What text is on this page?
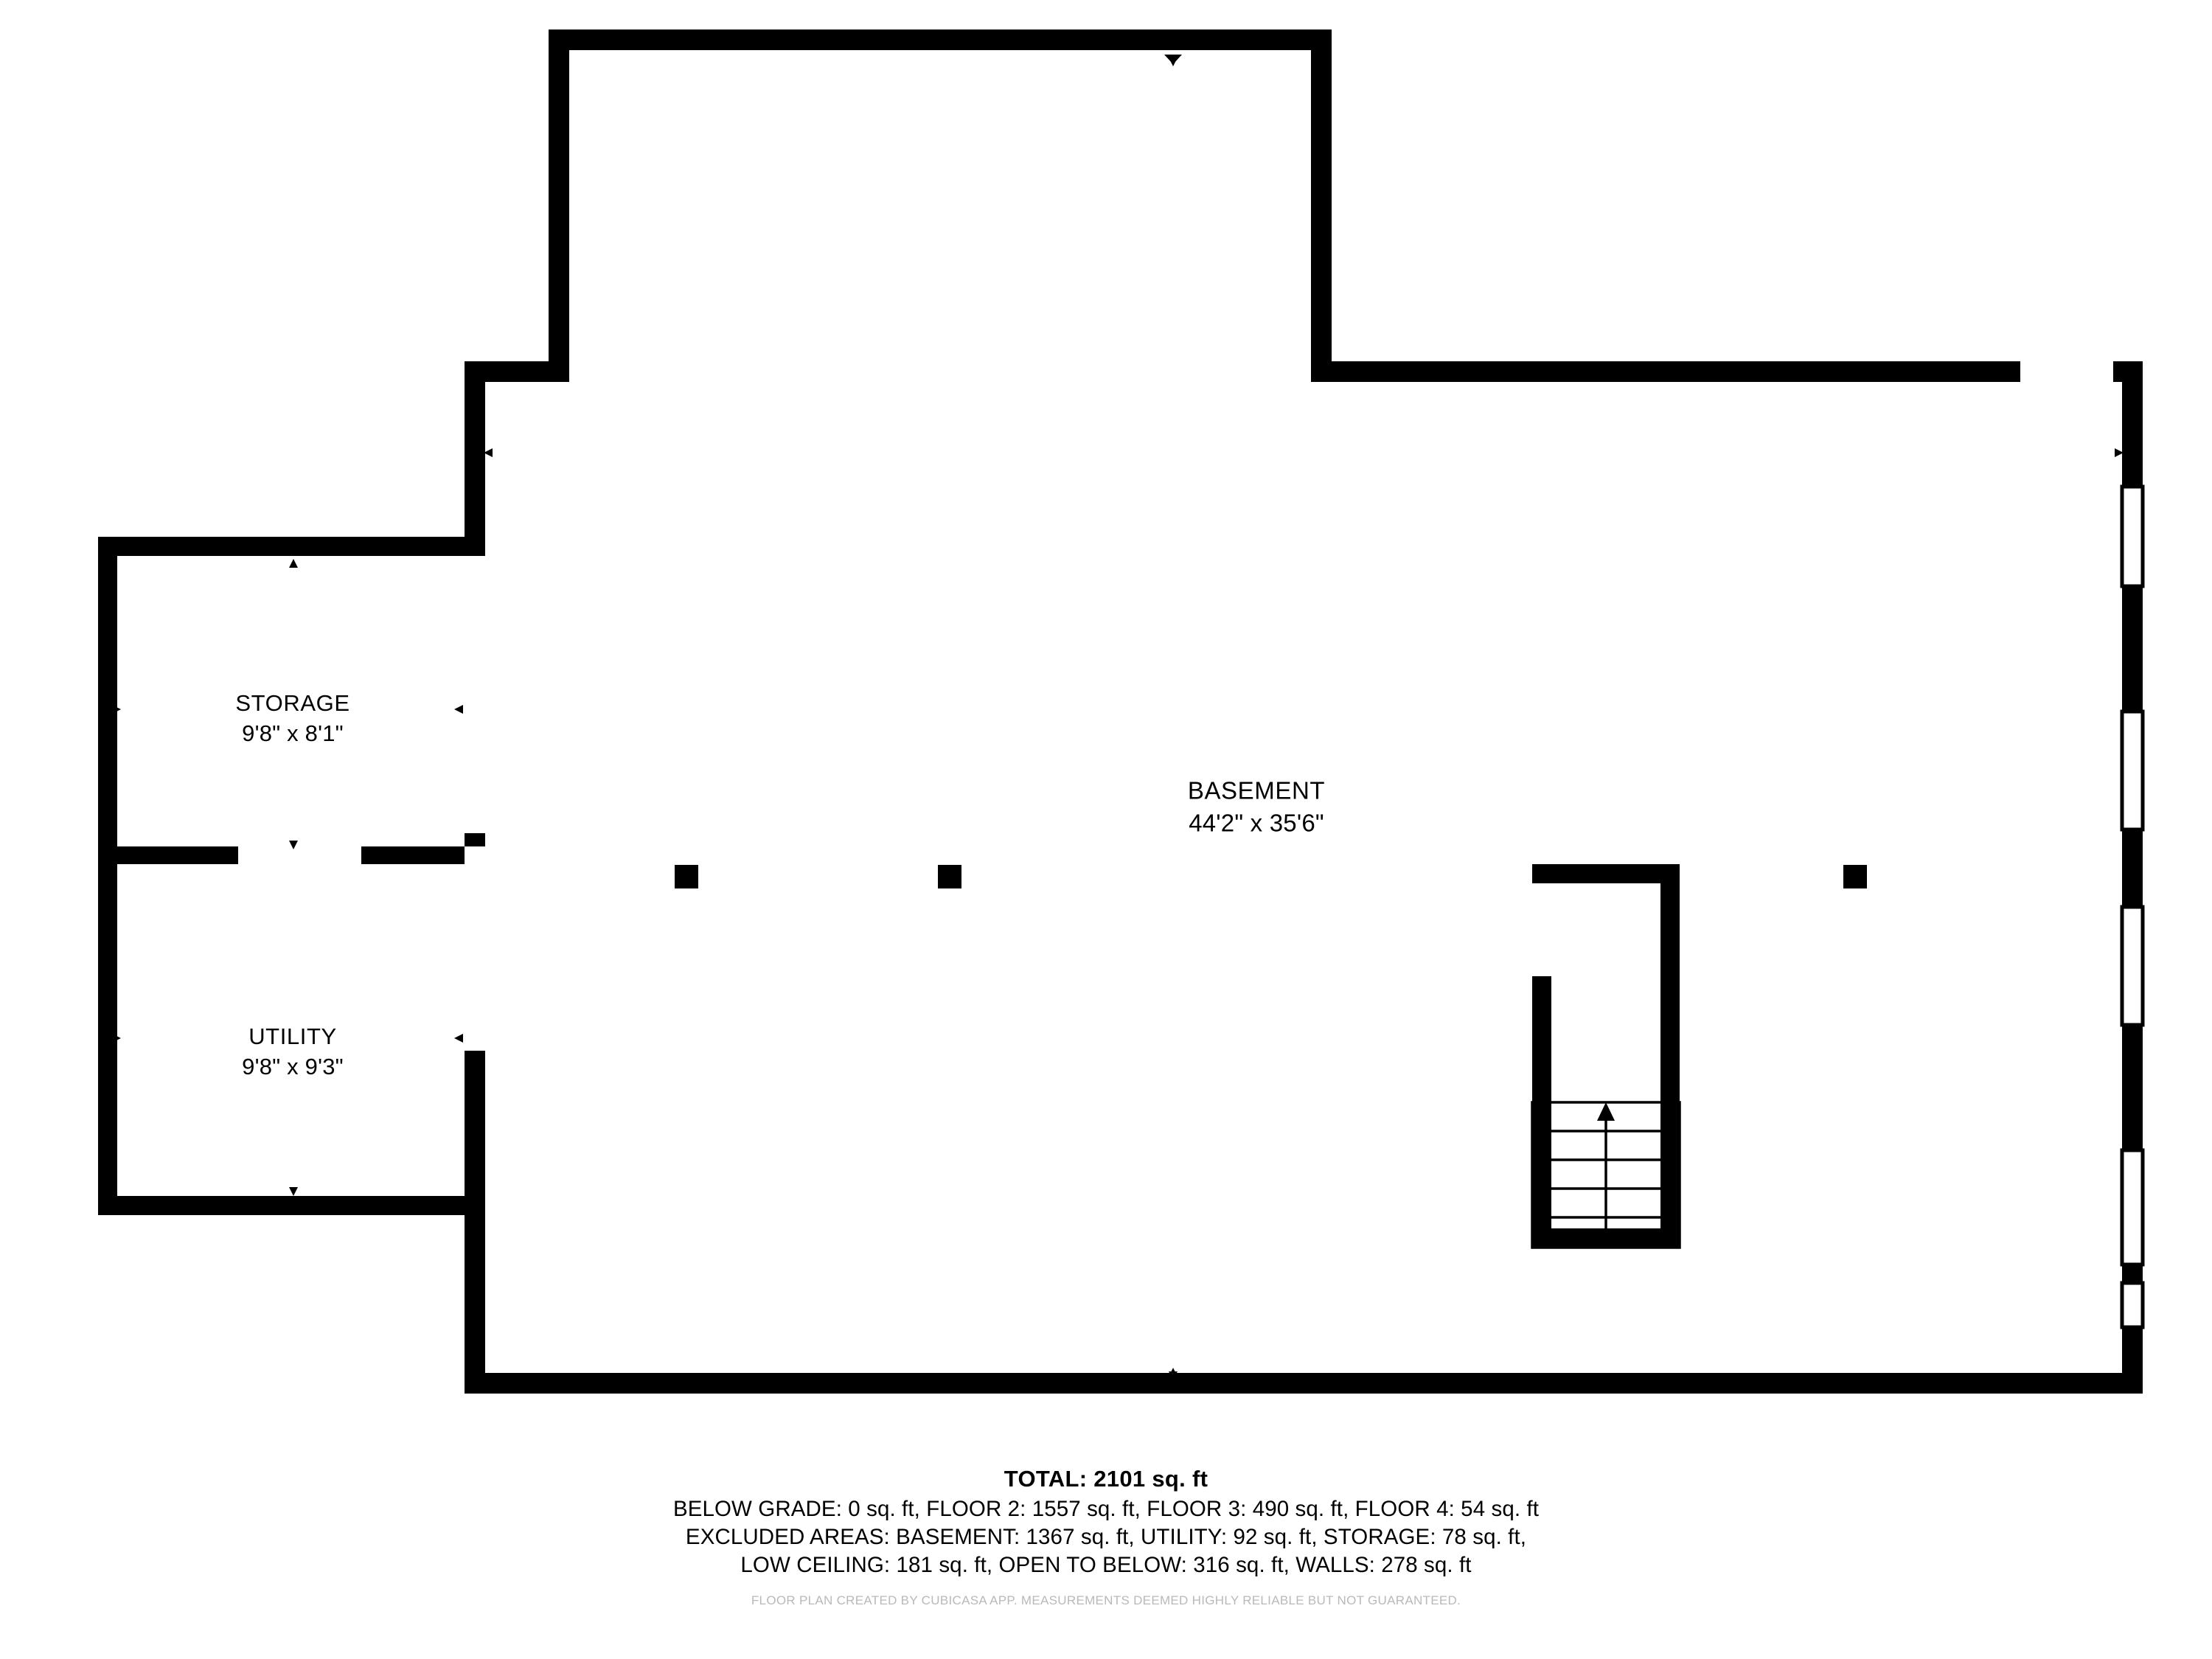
STORAGE
9'8" x 8'1"
UTILITY
9'8" x 9'3"
BASEMENT
44'2" x 35'6"
TOTAL: 2101 sq. ft
BELOW GRADE: 0 sq. ft, FLOOR 2: 1557 sq. ft, FLOOR 3: 490 sq. ft, FLOOR 4: 54 sq. ft
EXCLUDED AREAS: BASEMENT: 1367 sq. ft, UTILITY: 92 sq. ft, STORAGE: 78 sq. ft,
LOW CEILING: 181 sq. ft, OPEN TO BELOW: 316 sq. ft, WALLS: 278 sq. ft
FLOOR PLAN CREATED BY CUBICASA APP. MEASUREMENTS DEEMED HIGHLY RELIABLE BUT NOT GUARANTEED.
